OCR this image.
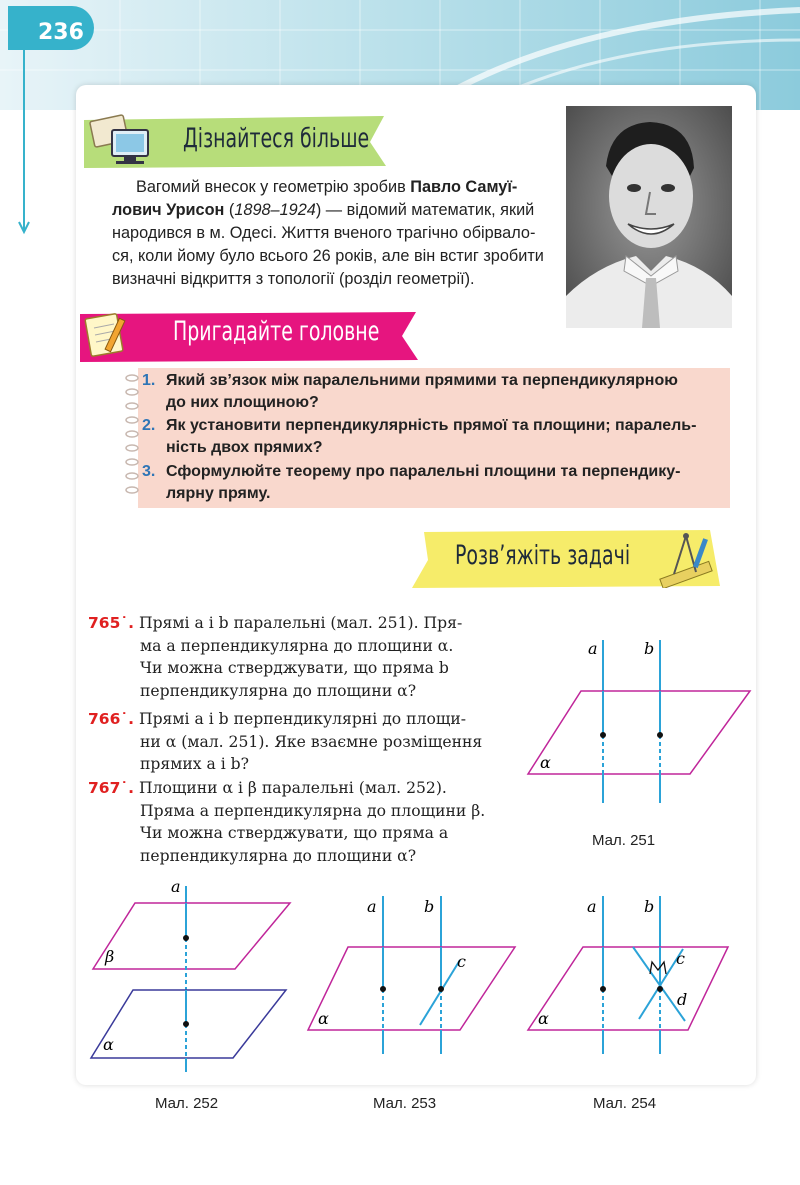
236
Дізнайтеся більше
Вагомий внесок у геометрію зробив Павло Самуї-
лович Урисон (1898–1924) — відомий математик, який
народився в м. Одесі. Життя вченого трагічно обірвало-
ся, коли йому було всього 26 років, але він встиг зробити
визначні відкриття з топології (розділ геометрії).
Пригадайте головне
1. Який зв’язок між паралельними прямими та перпендикулярною
до них площиною?
2. Як установити перпендикулярність прямої та площини; паралель-
ність двох прямих?
3. Сформулюйте теорему про паралельні площини та перпендику-
лярну пряму.
Розв’яжіть задачі
765˙. Прямі a і b паралельні (мал. 251). Пря-
ма a перпендикулярна до площини α.
Чи можна стверджувати, що пряма b
перпендикулярна до площини α?
766˙. Прямі a і b перпендикулярні до площи-
ни α (мал. 251). Яке взаємне розміщення
прямих a і b?
767˙. Площини α і β паралельні (мал. 252).
Пряма a перпендикулярна до площини β.
Чи можна стверджувати, що пряма a
перпендикулярна до площини α?
a	b
α
Мал. 251
a
β
α
Мал. 252
a	b
c
α
Мал. 253
a	b
c
d
α
Мал. 254
